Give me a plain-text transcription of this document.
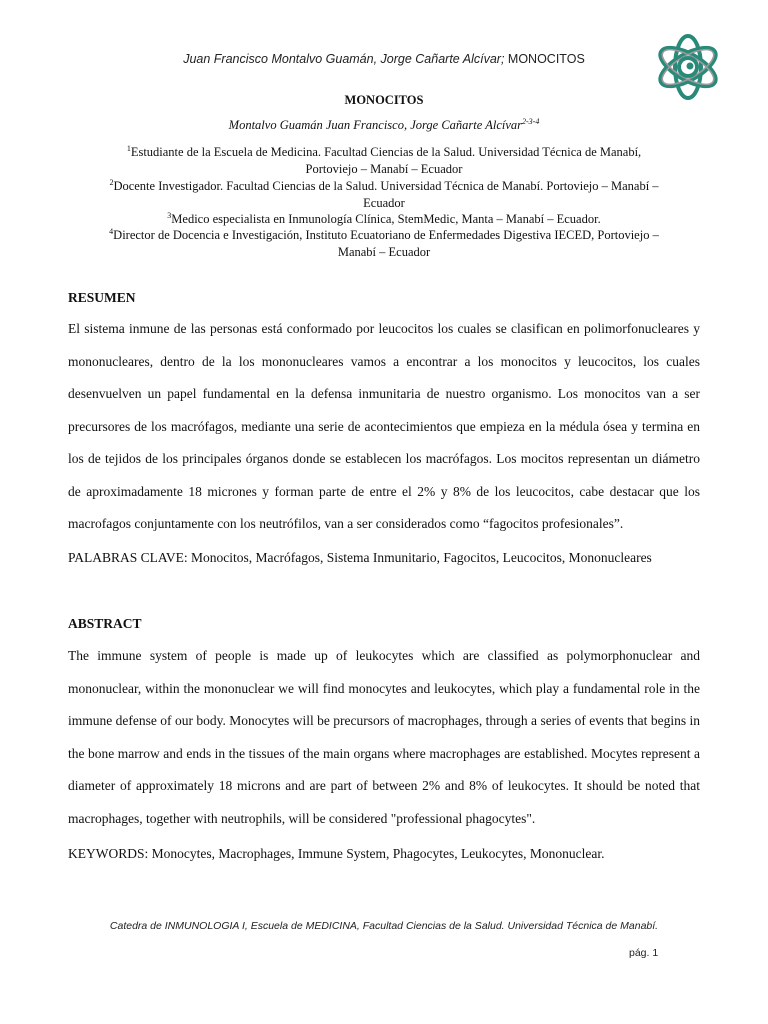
Juan Francisco Montalvo Guamán, Jorge Cañarte Alcívar; MONOCITOS
MONOCITOS
Montalvo Guamán Juan Francisco, Jorge Cañarte Alcívar$^{2-3-4}$
$^1$Estudiante de la Escuela de Medicina. Facultad Ciencias de la Salud. Universidad Técnica de Manabí, Portoviejo – Manabí – Ecuador
$^2$Docente Investigador. Facultad Ciencias de la Salud. Universidad Técnica de Manabí. Portoviejo – Manabí – Ecuador
$^3$Medico especialista en Inmunología Clínica, StemMedic, Manta – Manabí – Ecuador.
$^4$Director de Docencia e Investigación, Instituto Ecuatoriano de Enfermedades Digestiva IECED, Portoviejo – Manabí – Ecuador
RESUMEN
El sistema inmune de las personas está conformado por leucocitos los cuales se clasifican en polimorfonucleares y mononucleares, dentro de la los mononucleares vamos a encontrar a los monocitos y leucocitos, los cuales desenvuelven un papel fundamental en la defensa inmunitaria de nuestro organismo. Los monocitos van a ser precursores de los macrófagos, mediante una serie de acontecimientos que empieza en la médula ósea y termina en los de tejidos de los principales órganos donde se establecen los macrófagos. Los mocitos representan un diámetro de aproximadamente 18 micrones y forman parte de entre el 2% y 8% de los leucocitos, cabe destacar que los macrofagos conjuntamente con los neutrófilos, van a ser considerados como “fagocitos profesionales”.
PALABRAS CLAVE: Monocitos, Macrófagos, Sistema Inmunitario, Fagocitos, Leucocitos, Mononucleares
ABSTRACT
The immune system of people is made up of leukocytes which are classified as polymorphonuclear and mononuclear, within the mononuclear we will find monocytes and leukocytes, which play a fundamental role in the immune defense of our body. Monocytes will be precursors of macrophages, through a series of events that begins in the bone marrow and ends in the tissues of the main organs where macrophages are established. Mocytes represent a diameter of approximately 18 microns and are part of between 2% and 8% of leukocytes. It should be noted that macrophages, together with neutrophils, will be considered "professional phagocytes".
KEYWORDS: Monocytes, Macrophages, Immune System, Phagocytes, Leukocytes, Mononuclear.
Catedra de INMUNOLOGIA I, Escuela de MEDICINA, Facultad Ciencias de la Salud. Universidad Técnica de Manabí.
pág. 1
